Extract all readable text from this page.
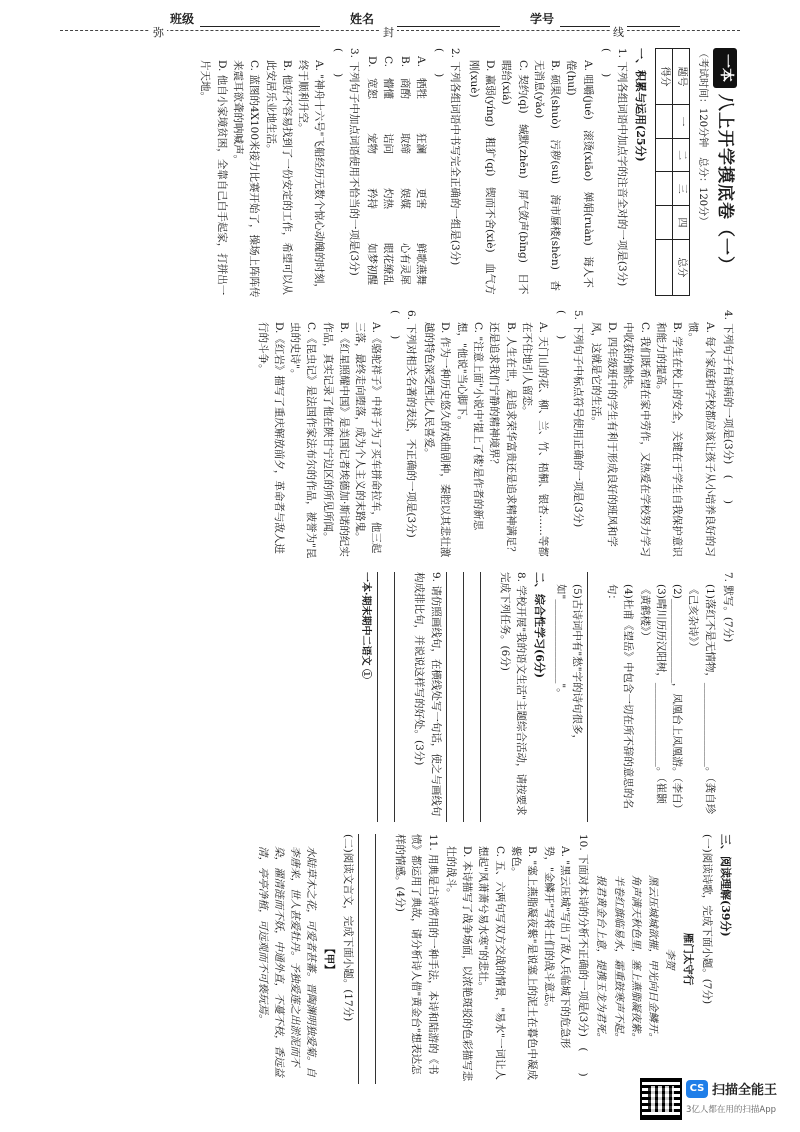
班级	姓名	学号
弥	封	线
一本
八上开学摸底卷（一）
（考试时间：120分钟　总分：120分）
题号	一	二	三	四	总分
得分					
一、积累与运用(25分)
1. 下列各组词语中加点字的注音全对的一项是(3分)　(　　)

A. 咀嚼(jué)　滚烫(xiāo)　婵娟(ruàn)　诲人不倦(huǐ)

B. 硕果(shuò)　污秽(suì)　海市蜃楼(shèn)　杳无消息(yǎo)

C. 契约(qì)　缄默(zhēn)　屏气敛声(bīng)　日不暇给(xiá)

D. 赢弱(yíng)　粗犷(qí)　锲而不舍(xiè)　血气方刚(xuè)

2. 下列各组词语中书写完全正确的一组是(3分)　(　　)
A.
牺牲
狂澜
更害
鲜歌燕舞
B.
商酌
取缔
娱媒
心有灵犀
C.
懵懂
诘问
灼热
眼花缭乱
D.
宽恕
宠物
矜持
如梦初醒
3. 下列句子中加点词语使用不恰当的一项是(3分)　(　　)

A. "神舟十六号"飞船经历无数个惊心动魄的时刻，终于顺利升空。

B. 他好不容易找到了一份安定的工作，希望可以从此安居乐业地生活。

C. 蓝图的4X100米接力比赛开始了，操场上阵阵传来震耳欲聋的呐喊声。

D. 他自小家境贫困，全靠自己白手起家，打拼出一片天地。

4. 下列句子有语病的一项是(3分)　(　　)

A. 每个家庭和学校都应该让孩子从小培养良好的习惯。

B. 学生在校上的安全，关键在于学生自我保护意识和能力的提高。

C. 我们既希望在家中劳作，又热爱在学校努力学习中收获的愉快。

D. 四年级班中的学生有利于形成良好的班风和学风，这就是它的生活。

5. 下列句子中标点符号使用正确的一项是(3分)　(　　)

A. 天门山的花、柳、兰、竹、梧桐、银杏……等都在不住地引人留恋。

B. 人生在世，是追求荣华富贵还是追求精神满足？还是追求我们宁静的精神境界？

C. "注意上面"小说中'提上了楼'是作者的新思想，"他说"当心脚下。

D. 作为一种历史悠久的戏曲剧种，秦腔以其悲壮激越的特色深受西北人民喜爱。

6. 下列对相关名著的表述，不正确的一项是(3分)　(　　)

A.《骆驼祥子》中祥子为了买车拼命拉车，他三起三落，最终走向堕落，成为个人主义的末路鬼。

B.《红星照耀中国》是美国记者埃德加·斯诺的纪实作品，真实记录了他在陕甘宁边区的所见所闻。

C.《昆虫记》是法国作家法布尔的作品，被誉为"昆虫的史诗"。

D.《红岩》描写了重庆解放前夕，革命者与敌人进行的斗争。

7. 默写。(7分)

(1)落红不是无情物，________________。（龚自珍《己亥杂诗》）

(2)________________，凤凰台上凤凰游。（李白）

(3)晴川历历汉阳树，________________。（崔颢《黄鹤楼》）

(4)杜甫《望岳》中包含一切在所不辞的意思的名句：

(5)古诗词中有"愁"字的诗句很多，如"________________"。

二、综合性学习(6分)
8. 学校开展"我的语文生活"主题综合活动，请按要求完成下列任务。(6分)
9. 请仿照画线句，在横线处写一句话，使之与画线句构成排比句，并说说这样写的好处。(3分)
一本·期末期中二语文 ①
三、阅读理解(39分)
(一)阅读诗歌，完成下面小题。(7分)
雁门太守行
李贺
黑云压城城欲摧，甲光向日金鳞开。
角声满天秋色里，塞上燕脂凝夜紫。
半卷红旗临易水，霜重鼓寒声不起。
报君黄金台上意，提携玉龙为君死。
10. 下面对本诗的分析不正确的一项是(3分)　(　　)

A. "黑云压城"写出了敌人兵临城下的危急形势，"金鳞开"写将士们的战斗意志。

B. "塞上燕脂凝夜紫"是说塞上的泥土在暮色中凝成紫色。

C. 五、六两句写双方交战的情景，"易水"一词让人想起"风萧萧兮易水寒"的悲壮。

D. 本诗描写了战争场面，以浓艳斑驳的色彩描写悲壮的战斗。

11. 用典是古诗常用的一种手法，本诗和陆游的《书愤》都运用了典故，请分析诗人借"黄金台"想表达怎样的情感。(4分)
(二)阅读文言文，完成下面小题。(17分)
【甲】

水陆草木之花，可爱者甚蕃。晋陶渊明独爱菊。自李唐来，世人甚爱牡丹。予独爱莲之出淤泥而不染，濯清涟而不妖，中通外直，不蔓不枝，香远益清，亭亭净植，可远观而不可亵玩焉。

CS 扫描全能王
3亿人都在用的扫描App
